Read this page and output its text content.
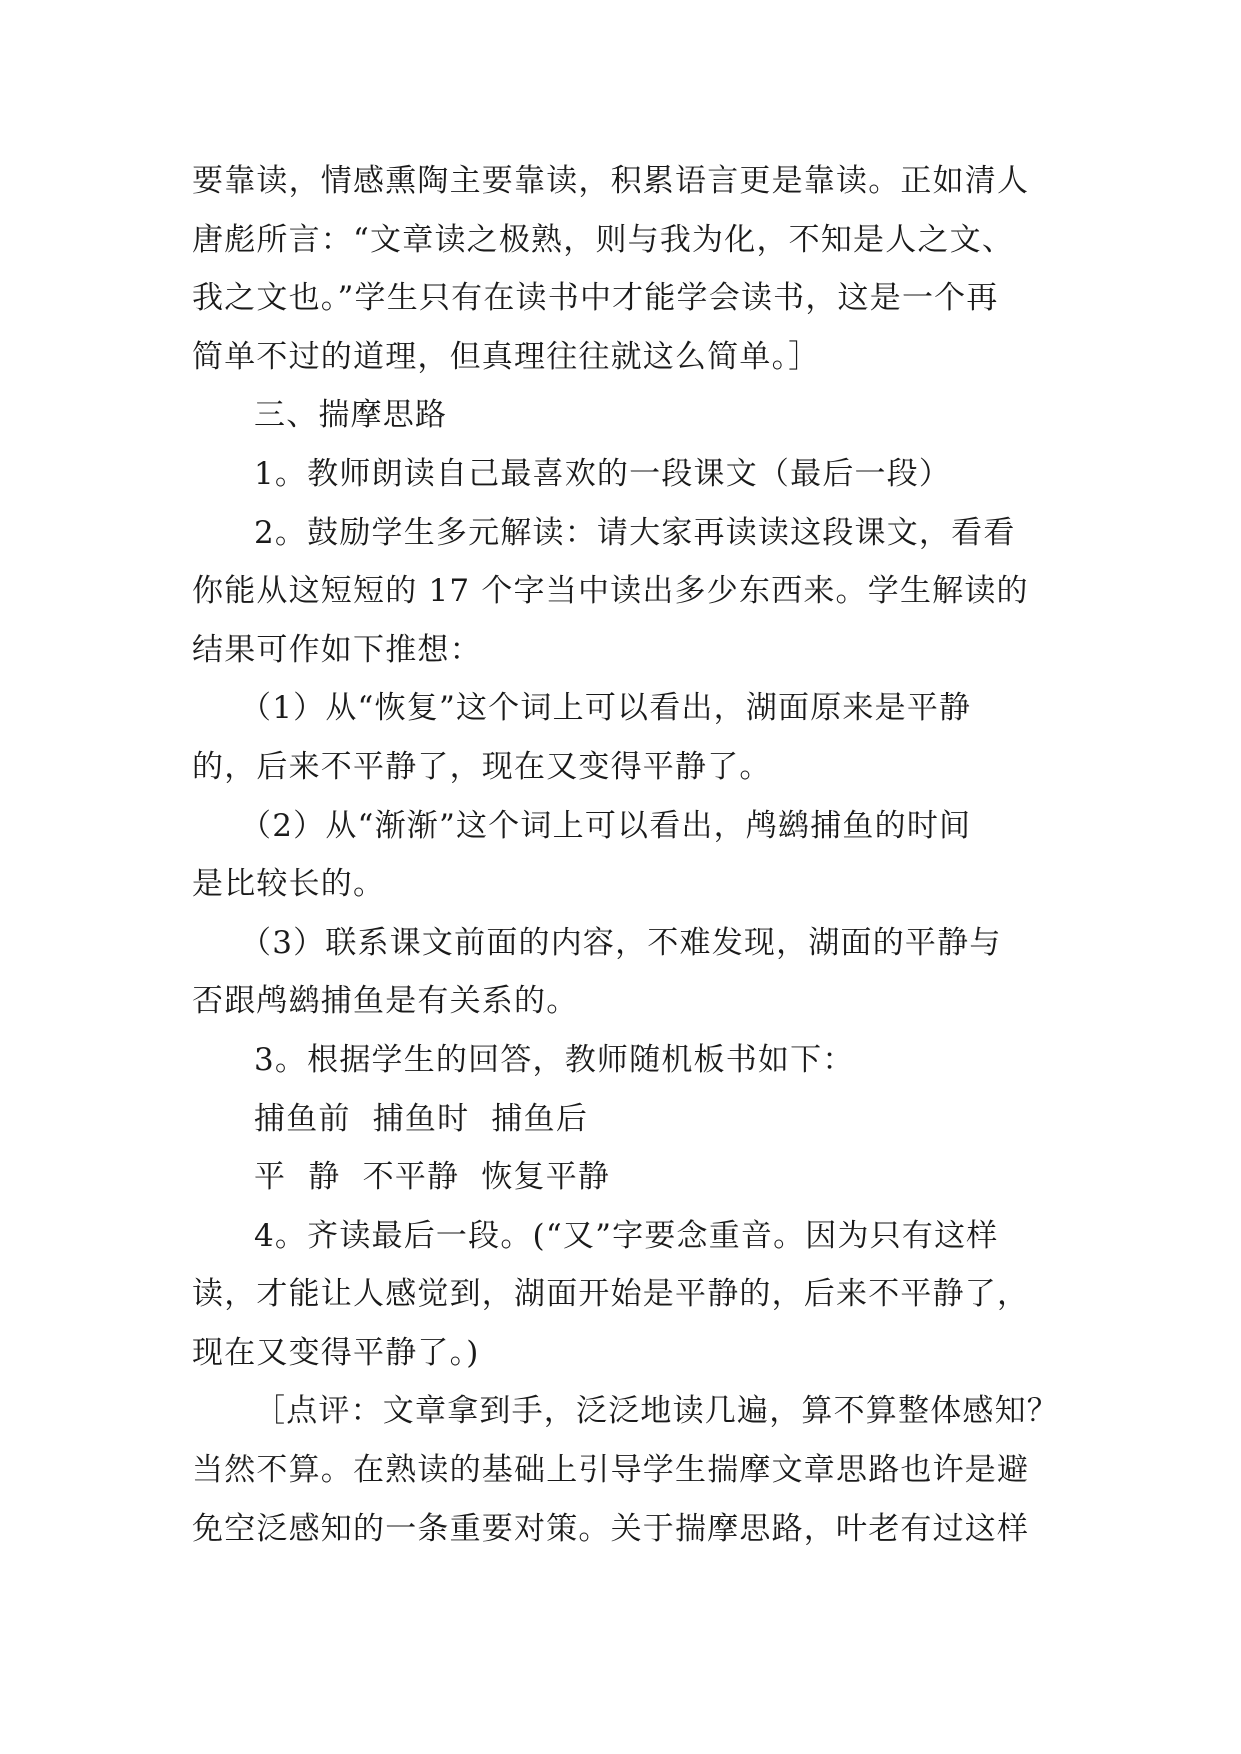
要靠读，情感熏陶主要靠读，积累语言更是靠读。正如清人
唐彪所言：“文章读之极熟，则与我为化，不知是人之文、
我之文也。”学生只有在读书中才能学会读书，这是一个再
简单不过的道理，但真理往往就这么简单。］
三、揣摩思路
1。教师朗读自己最喜欢的一段课文（最后一段）
2。鼓励学生多元解读：请大家再读读这段课文，看看
你能从这短短的 17 个字当中读出多少东西来。学生解读的
结果可作如下推想：
（1）从“恢复”这个词上可以看出，湖面原来是平静
的，后来不平静了，现在又变得平静了。
（2）从“渐渐”这个词上可以看出，鸬鹚捕鱼的时间
是比较长的。
（3）联系课文前面的内容，不难发现，湖面的平静与
否跟鸬鹚捕鱼是有关系的。
3。根据学生的回答，教师随机板书如下：
捕鱼前  捕鱼时  捕鱼后
平  静  不平静  恢复平静
4。齐读最后一段。(“又”字要念重音。因为只有这样
读，才能让人感觉到，湖面开始是平静的，后来不平静了，
现在又变得平静了。)
［点评：文章拿到手，泛泛地读几遍，算不算整体感知？
当然不算。在熟读的基础上引导学生揣摩文章思路也许是避
免空泛感知的一条重要对策。关于揣摩思路，叶老有过这样
